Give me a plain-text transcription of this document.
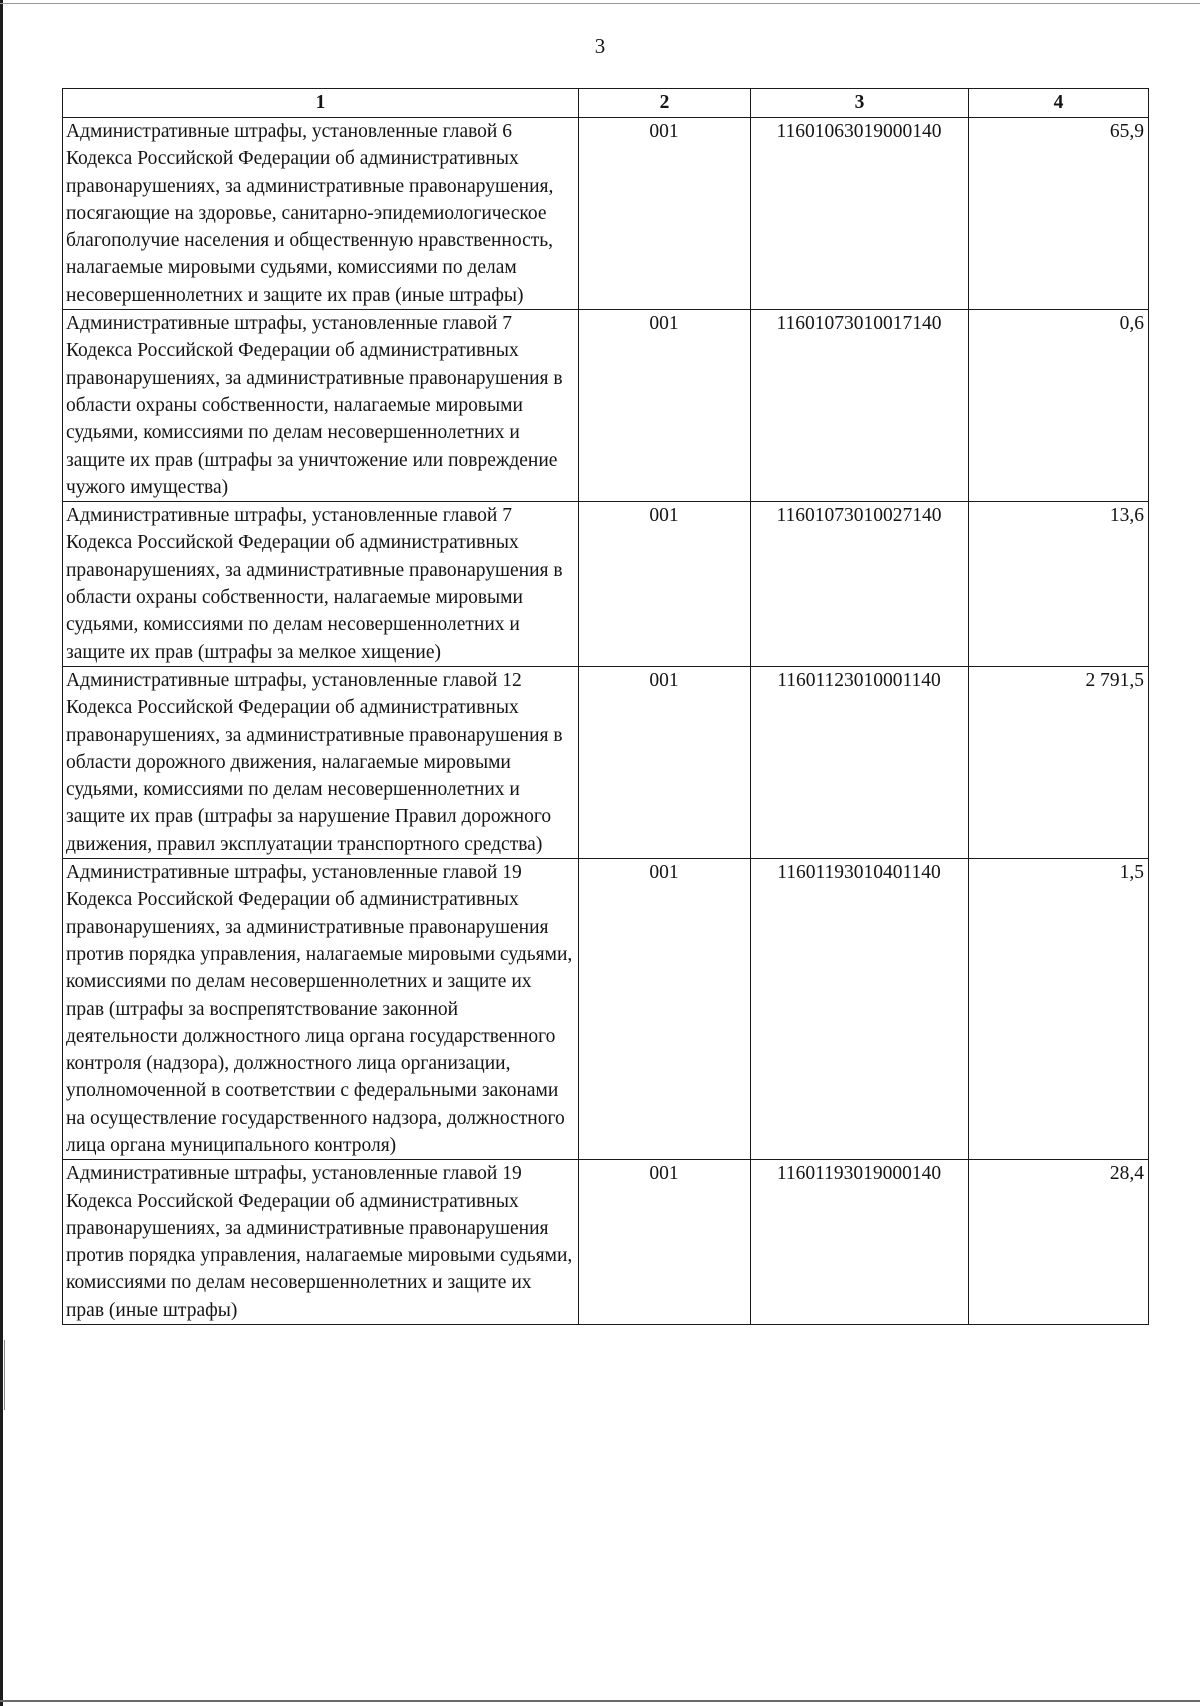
3
1	2	3	4
Административные штрафы, установленные главой 6 Кодекса Российской Федерации об административных правонарушениях, за административные правонарушения, посягающие на здоровье, санитарно-эпидемиологическое благополучие населения и общественную нравственность, налагаемые мировыми судьями, комиссиями по делам несовершеннолетних и защите их прав (иные штрафы)	001	11601063019000140	65,9
Административные штрафы, установленные главой 7 Кодекса Российской Федерации об административных правонарушениях, за административные правонарушения в области охраны собственности, налагаемые мировыми судьями, комиссиями по делам несовершеннолетних и защите их прав (штрафы за уничтожение или повреждение чужого имущества)	001	11601073010017140	0,6
Административные штрафы, установленные главой 7 Кодекса Российской Федерации об административных правонарушениях, за административные правонарушения в области охраны собственности, налагаемые мировыми судьями, комиссиями по делам несовершеннолетних и защите их прав (штрафы за мелкое хищение)	001	11601073010027140	13,6
Административные штрафы, установленные главой 12 Кодекса Российской Федерации об административных правонарушениях, за административные правонарушения в области дорожного движения, налагаемые мировыми судьями, комиссиями по делам несовершеннолетних и защите их прав (штрафы за нарушение Правил дорожного движения, правил эксплуатации транспортного средства)	001	11601123010001140	2 791,5
Административные штрафы, установленные главой 19 Кодекса Российской Федерации об административных правонарушениях, за административные правонарушения против порядка управления, налагаемые мировыми судьями, комиссиями по делам несовершеннолетних и защите их прав (штрафы за воспрепятствование законной деятельности должностного лица органа государственного контроля (надзора), должностного лица организации, уполномоченной в соответствии с федеральными законами на осуществление государственного надзора, должностного лица органа муниципального контроля)	001	11601193010401140	1,5
Административные штрафы, установленные главой 19 Кодекса Российской Федерации об административных правонарушениях, за административные правонарушения против порядка управления, налагаемые мировыми судьями, комиссиями по делам несовершеннолетних и защите их прав (иные штрафы)	001	11601193019000140	28,4
